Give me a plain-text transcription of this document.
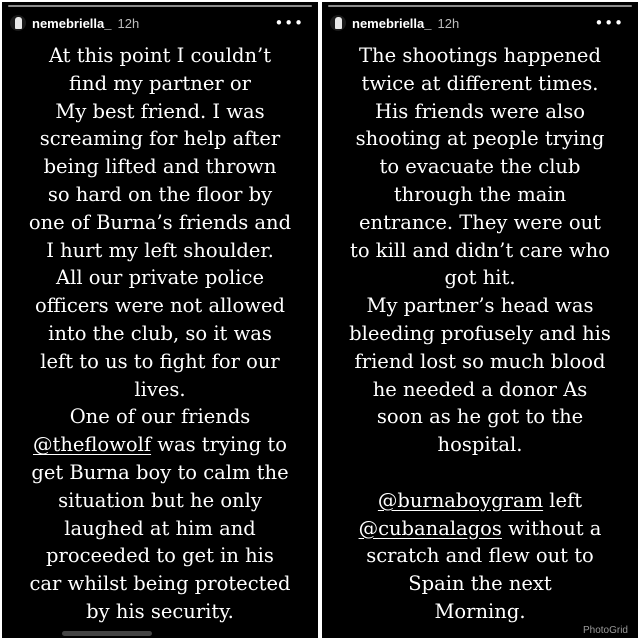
nemebriella_ 12h	•••

At this point I couldn’t

find my partner or

My best friend. I was

screaming for help after

being lifted and thrown

so hard on the floor by

one of Burna’s friends and

I hurt my left shoulder.

All our private police

officers were not allowed

into the club, so it was

left to us to fight for our

lives.

One of our friends

@theflowolf was trying to

get Burna boy to calm the

situation but he only

laughed at him and

proceeded to get in his

car whilst being protected

by his security.

nemebriella_ 12h	•••

The shootings happened

twice at different times.

His friends were also

shooting at people trying

to evacuate the club

through the main

entrance. They were out

to kill and didn’t care who

got hit.

My partner’s head was

bleeding profusely and his

friend lost so much blood

he needed a donor As

soon as he got to the

hospital.

@burnaboygram left

@cubanalagos without a

scratch and flew out to

Spain the next

Morning.

PhotoGrid
